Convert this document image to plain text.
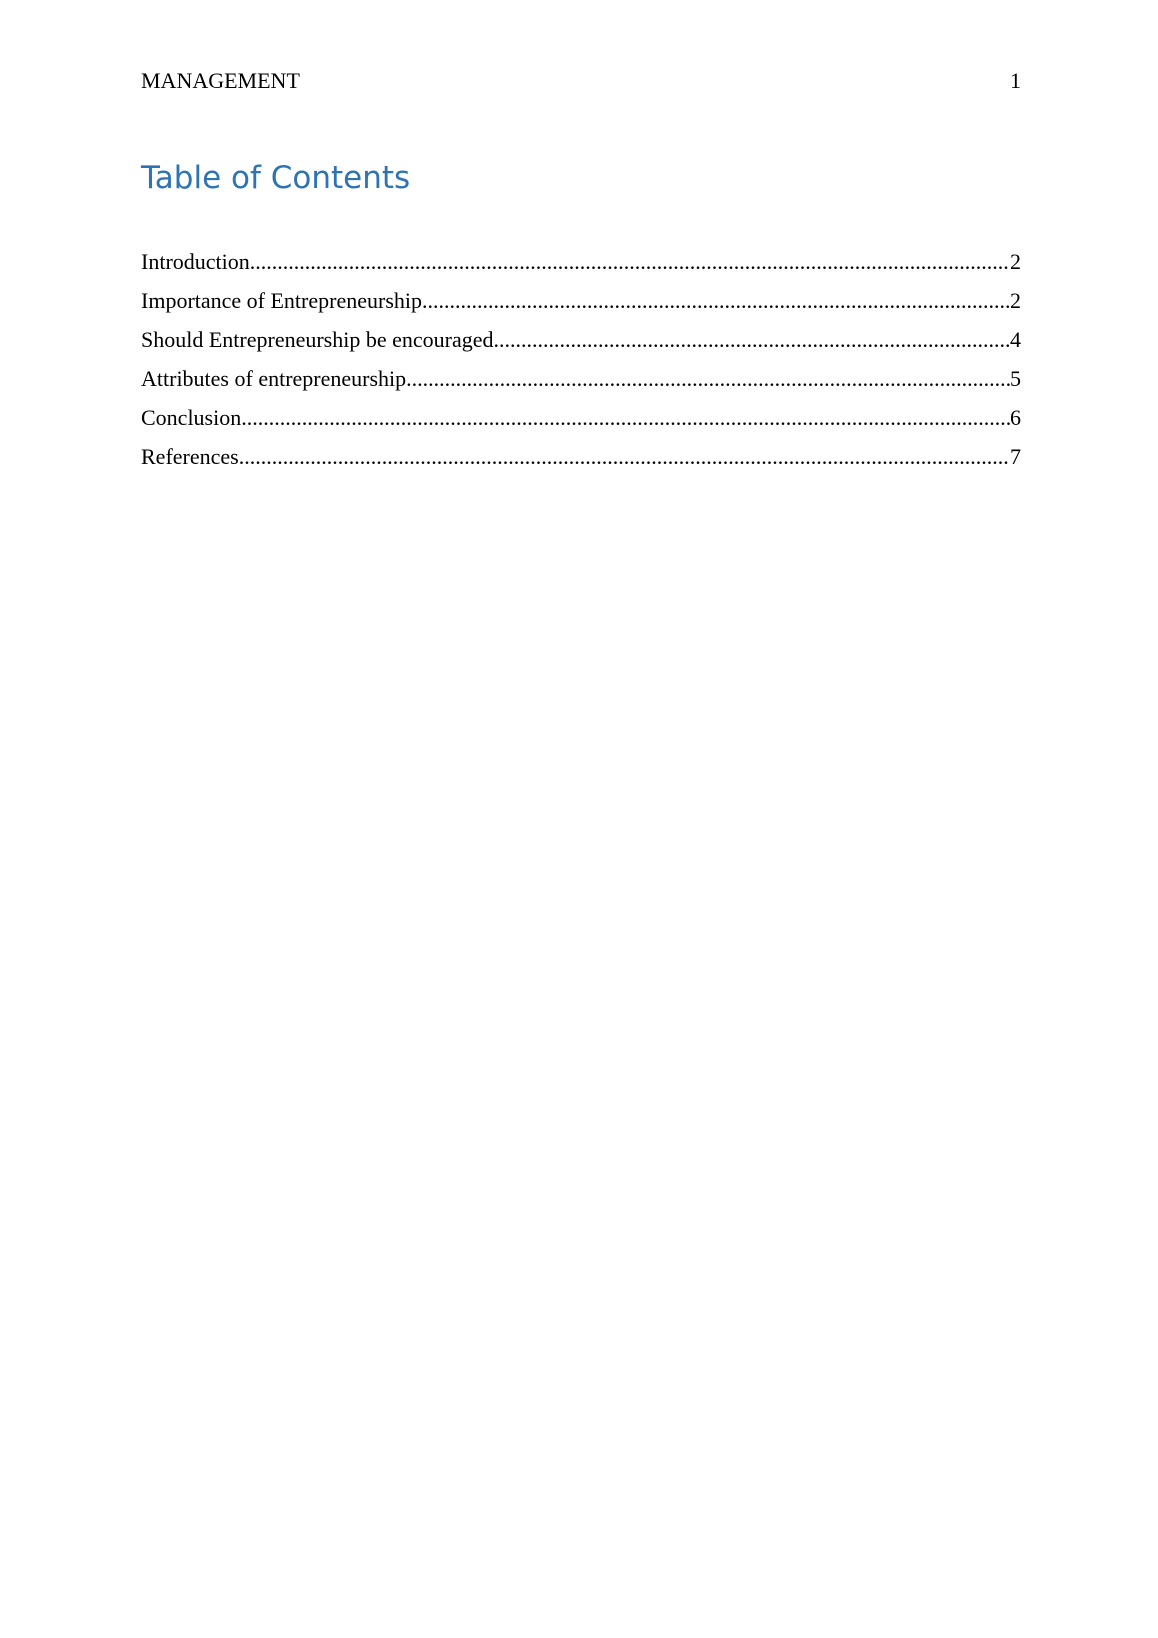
MANAGEMENT	1
Table of Contents
Introduction .....	2
Importance of Entrepreneurship .....	2
Should Entrepreneurship be encouraged .....	4
Attributes of entrepreneurship .....	5
Conclusion .....	6
References .....	7
